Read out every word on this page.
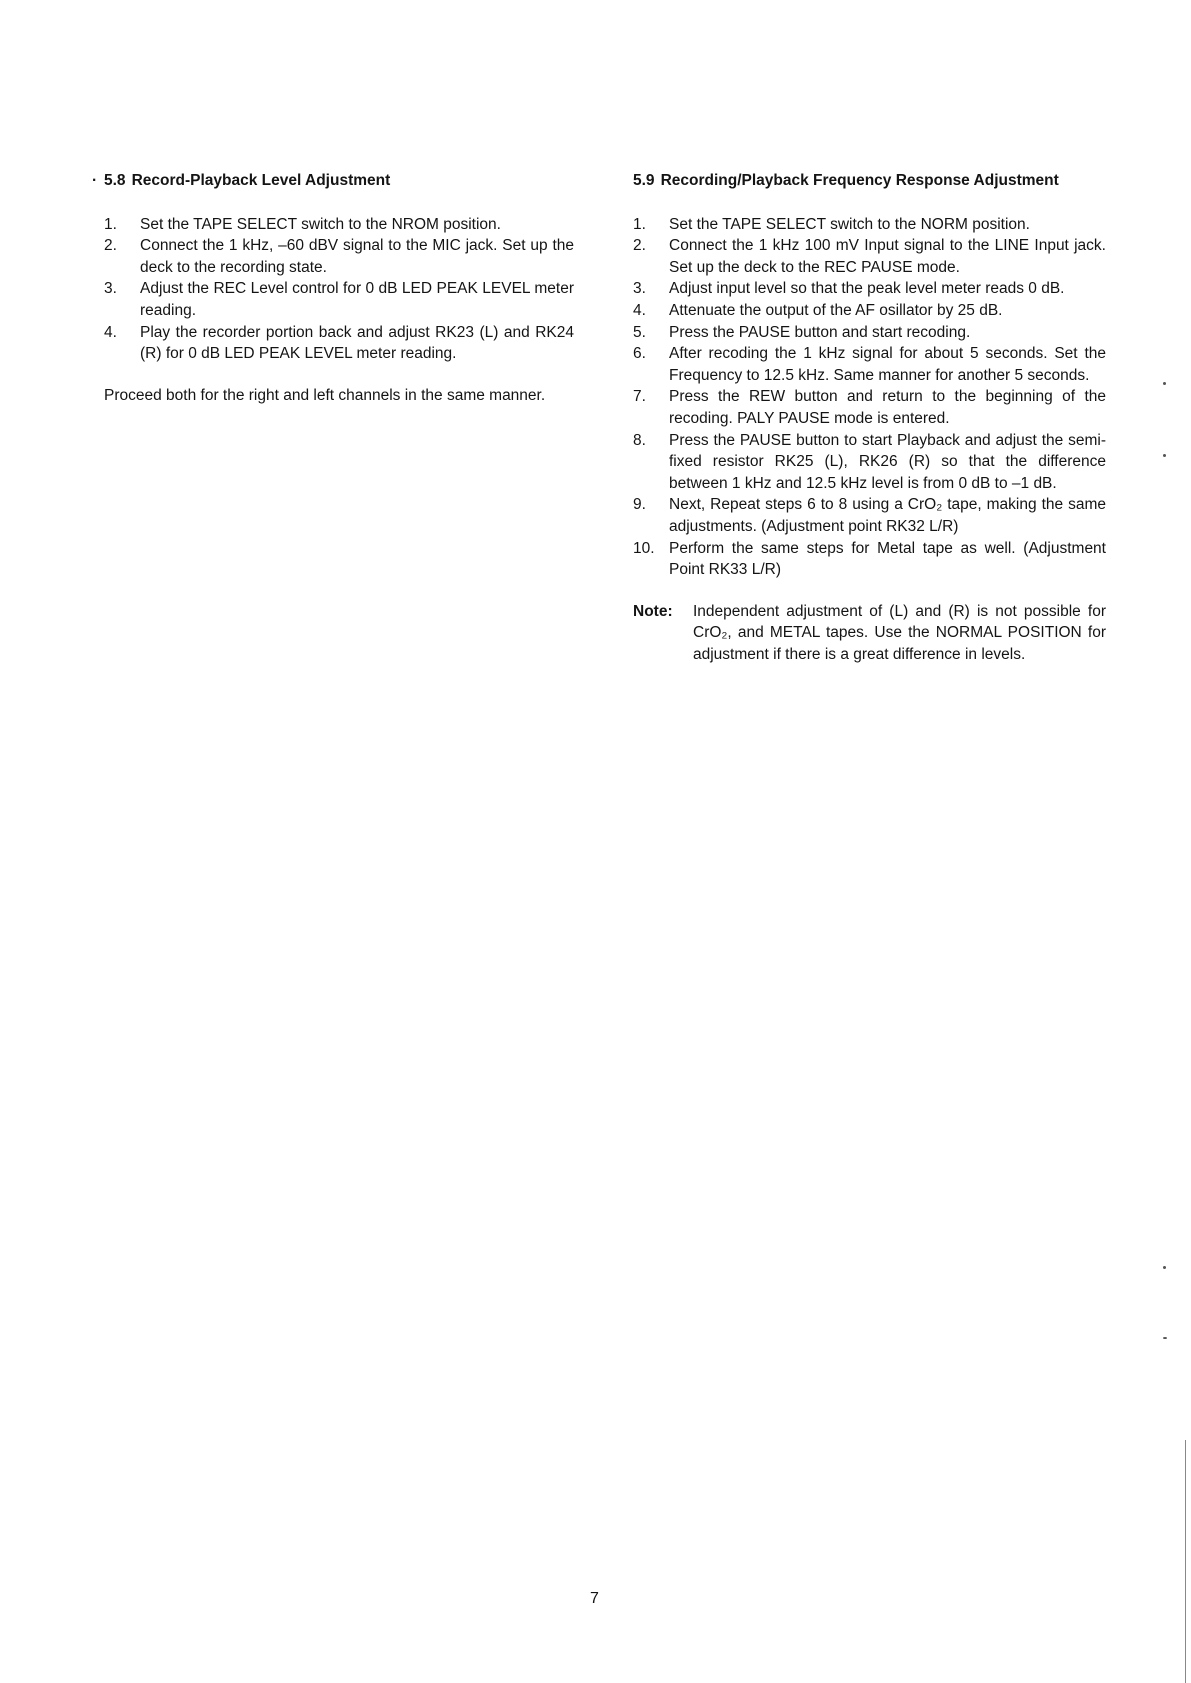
· 5.8 Record-Playback Level Adjustment
1.	Set the TAPE SELECT switch to the NROM position.
2.	Connect the 1 kHz, –60 dBV signal to the MIC jack. Set up the deck to the recording state.
3.	Adjust the REC Level control for 0 dB LED PEAK LEVEL meter reading.
4.	Play the recorder portion back and adjust RK23 (L) and RK24 (R) for 0 dB LED PEAK LEVEL meter reading.
Proceed both for the right and left channels in the same manner.
5.9 Recording/Playback Frequency Response Adjustment
1.	Set the TAPE SELECT switch to the NORM position.
2.	Connect the 1 kHz 100 mV Input signal to the LINE Input jack. Set up the deck to the REC PAUSE mode.
3.	Adjust input level so that the peak level meter reads 0 dB.
4.	Attenuate the output of the AF osillator by 25 dB.
5.	Press the PAUSE button and start recoding.
6.	After recoding the 1 kHz signal for about 5 seconds. Set the Frequency to 12.5 kHz. Same manner for another 5 seconds.
7.	Press the REW button and return to the beginning of the recoding. PALY PAUSE mode is entered.
8.	Press the PAUSE button to start Playback and adjust the semi-fixed resistor RK25 (L), RK26 (R) so that the difference between 1 kHz and 12.5 kHz level is from 0 dB to –1 dB.
9.	Next, Repeat steps 6 to 8 using a CrO₂ tape, making the same adjustments. (Adjustment point RK32 L/R)
10. Perform the same steps for Metal tape as well. (Adjustment Point RK33 L/R)
Note:	Independent adjustment of (L) and (R) is not possible for CrO₂, and METAL tapes. Use the NORMAL POSITION for adjustment if there is a great difference in levels.
7
